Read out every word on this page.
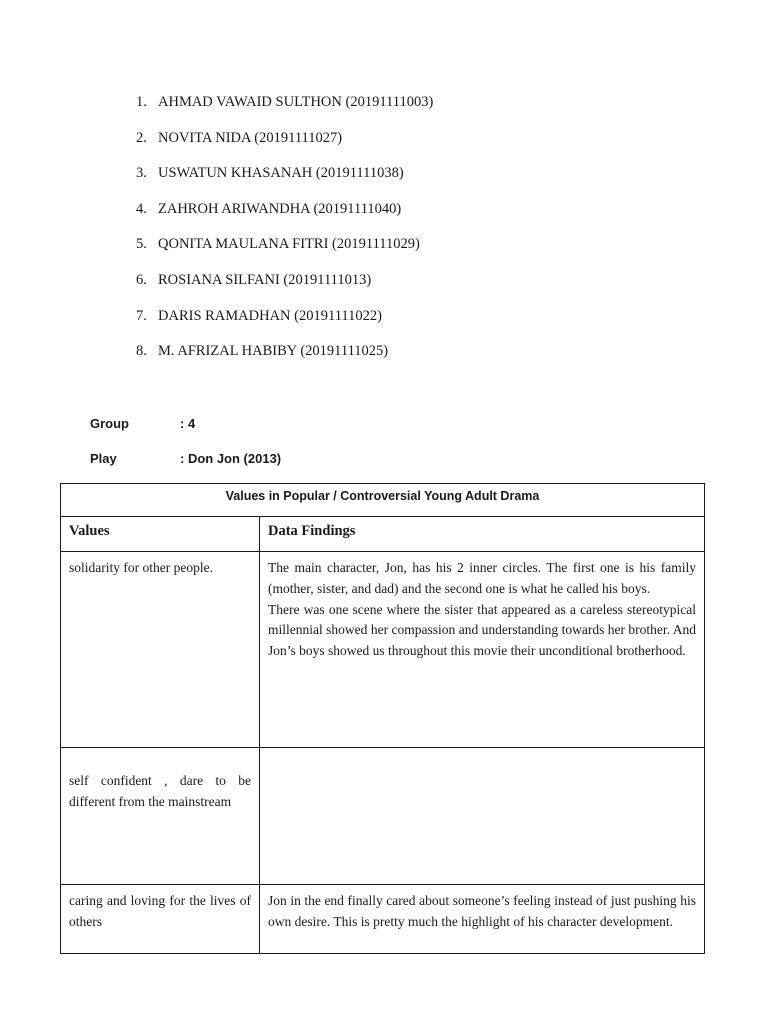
1. AHMAD VAWAID SULTHON (20191111003)
2. NOVITA NIDA (20191111027)
3. USWATUN KHASANAH (20191111038)
4. ZAHROH ARIWANDHA (20191111040)
5. QONITA MAULANA FITRI (20191111029)
6. ROSIANA SILFANI (20191111013)
7. DARIS RAMADHAN (20191111022)
8. M. AFRIZAL HABIBY (20191111025)
Group	: 4
Play	: Don Jon (2013)
Values in Popular / Controversial Young Adult Drama	
Values	Data Findings
solidarity for other people.	The main character, Jon, has his 2 inner circles. The first one is his family (mother, sister, and dad) and the second one is what he called his boys.
There was one scene where the sister that appeared as a careless stereotypical millennial showed her compassion and understanding towards her brother. And Jon’s boys showed us throughout this movie their unconditional brotherhood.

self confident , dare to be different from the mainstream	

caring and loving for the lives of others	Jon in the end finally cared about someone’s feeling instead of just pushing his own desire. This is pretty much the highlight of his character development.
